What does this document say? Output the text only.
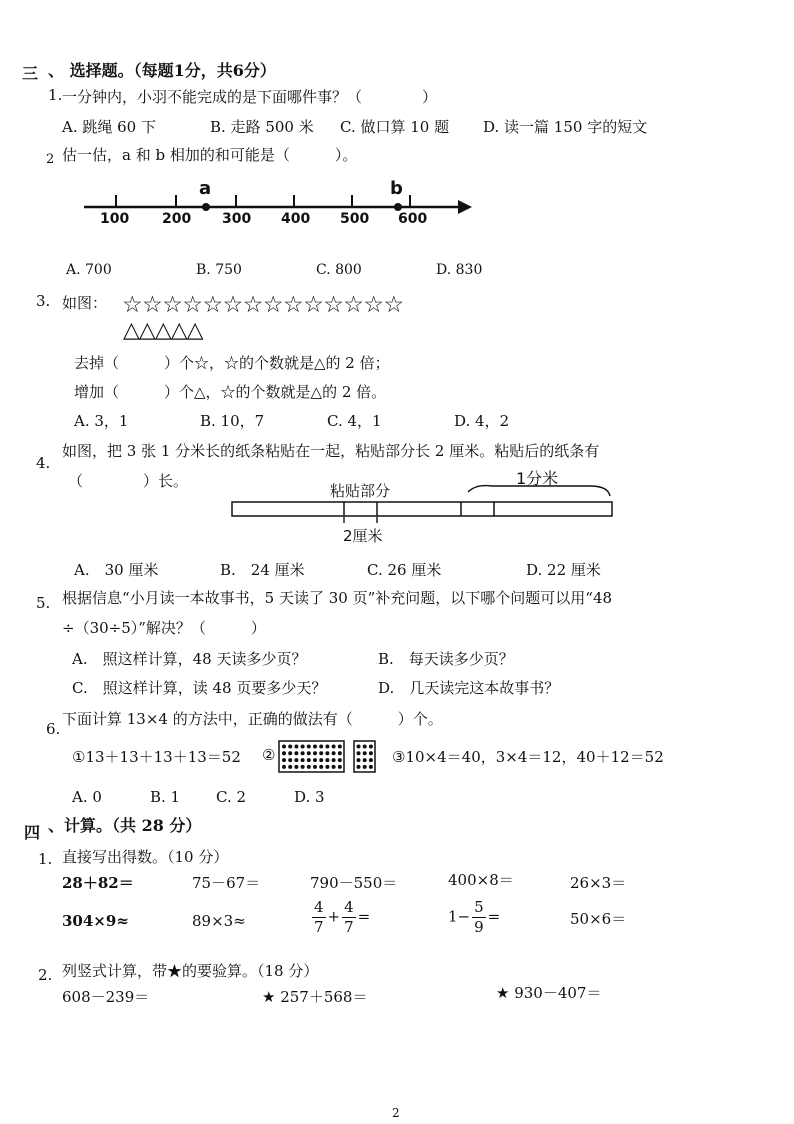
三 、 选择题。（每题1分，共6分）
1. 一分钟内，小羽不能完成的是下面哪件事？（　　　　）
A. 跳绳 60 下	B. 走路 500 米 C. 做口算 10 题 D. 读一篇 150 字的短文
2 估一估，a 和 b 相加的和可能是（　　　）。
a	b
100 200 300 400 500 600
A. 700	B. 750	C. 800	D. 830
3. 如图： ☆☆☆☆☆☆☆☆☆☆☆☆☆☆
△△△△△
去掉（　　　）个☆，☆的个数就是△的 2 倍；
增加（　　　）个△，☆的个数就是△的 2 倍。
A. 3，1	B. 10，7	C. 4，1	D. 4，2
4.
如图，把 3 张 1 分米长的纸条粘贴在一起，粘贴部分长 2 厘米。粘贴后的纸条有
（　　　　）长。
粘贴部分
1分米
2厘米
A.　30 厘米	B.　24 厘米	C. 26 厘米	D. 22 厘米
5. 根据信息“小月读一本故事书，5 天读了 30 页”补充问题，以下哪个问题可以用“48
÷（30÷5）”解决？（　　　）
A.　照这样计算，48 天读多少页？	B.　每天读多少页？
C.　照这样计算，读 48 页要多少天？	D.　几天读完这本故事书？
6.
下面计算 13×4 的方法中，正确的做法有（　　　）个。
①13＋13＋13＋13＝52 ②	③10×4＝40，3×4＝12，40＋12＝52
A. 0	B. 1 C. 2	D. 3
四 、计算。（共 28 分）
1. 直接写出得数。（10 分）
28＋82＝	75－67＝	790－550＝	400×8＝	26×3＝
304×9≈	89×3≈	$\frac{4}{7} + \frac{4}{7}$ =	$1- \frac{5}{9}$ =	50×6＝
2. 列竖式计算，带★的要验算。（18 分）
608－239＝	★ 257＋568＝	★ 930－407＝
2
